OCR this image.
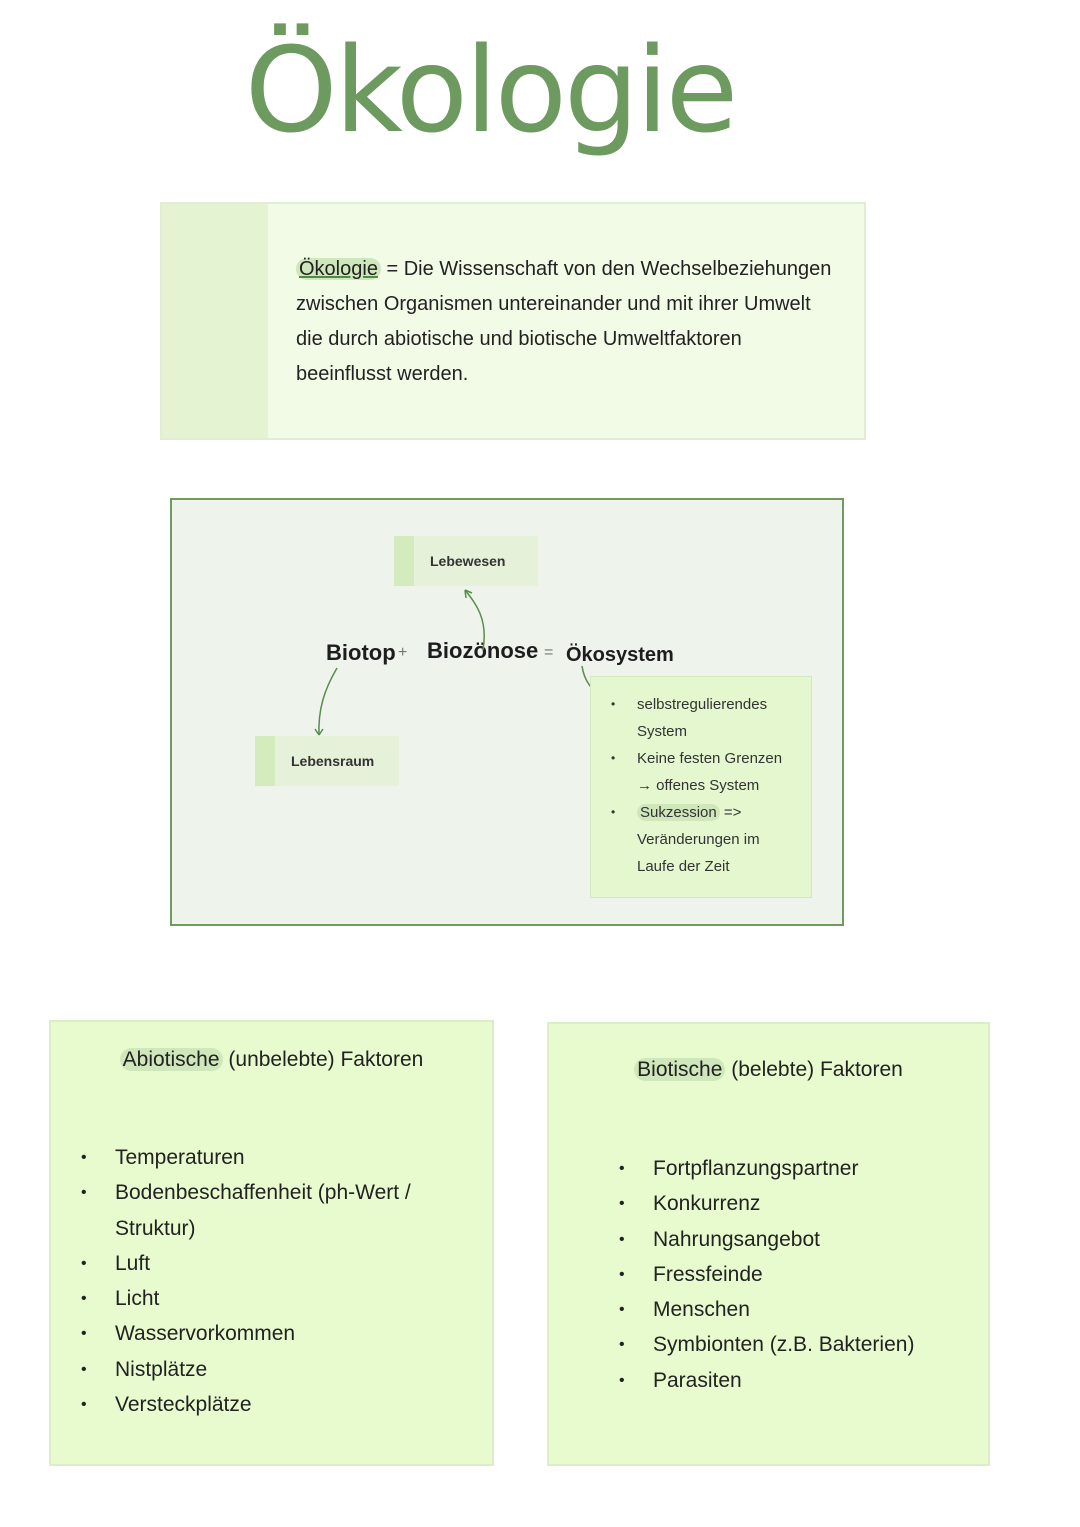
Ökologie
Ökologie = Die Wissenschaft von den Wechselbeziehungen zwischen Organismen untereinander und mit ihrer Umwelt die durch abiotische und biotische Umweltfaktoren beeinflusst werden.
Lebewesen
Lebensraum
Biotop + Biozönose = Ökosystem
• selbstregulierendes
System
• Keine festen Grenzen
→ offenes System
• Sukzession =>
Veränderungen im
Laufe der Zeit
Abiotische (unbelebte) Faktoren
• Temperaturen
• Bodenbeschaffenheit (ph-Wert / Struktur)
• Luft
• Licht
• Wasservorkommen
• Nistplätze
• Versteckplätze
Biotische (belebte) Faktoren
• Fortpflanzungspartner
• Konkurrenz
• Nahrungsangebot
• Fressfeinde
• Menschen
• Symbionten (z.B. Bakterien)
• Parasiten
